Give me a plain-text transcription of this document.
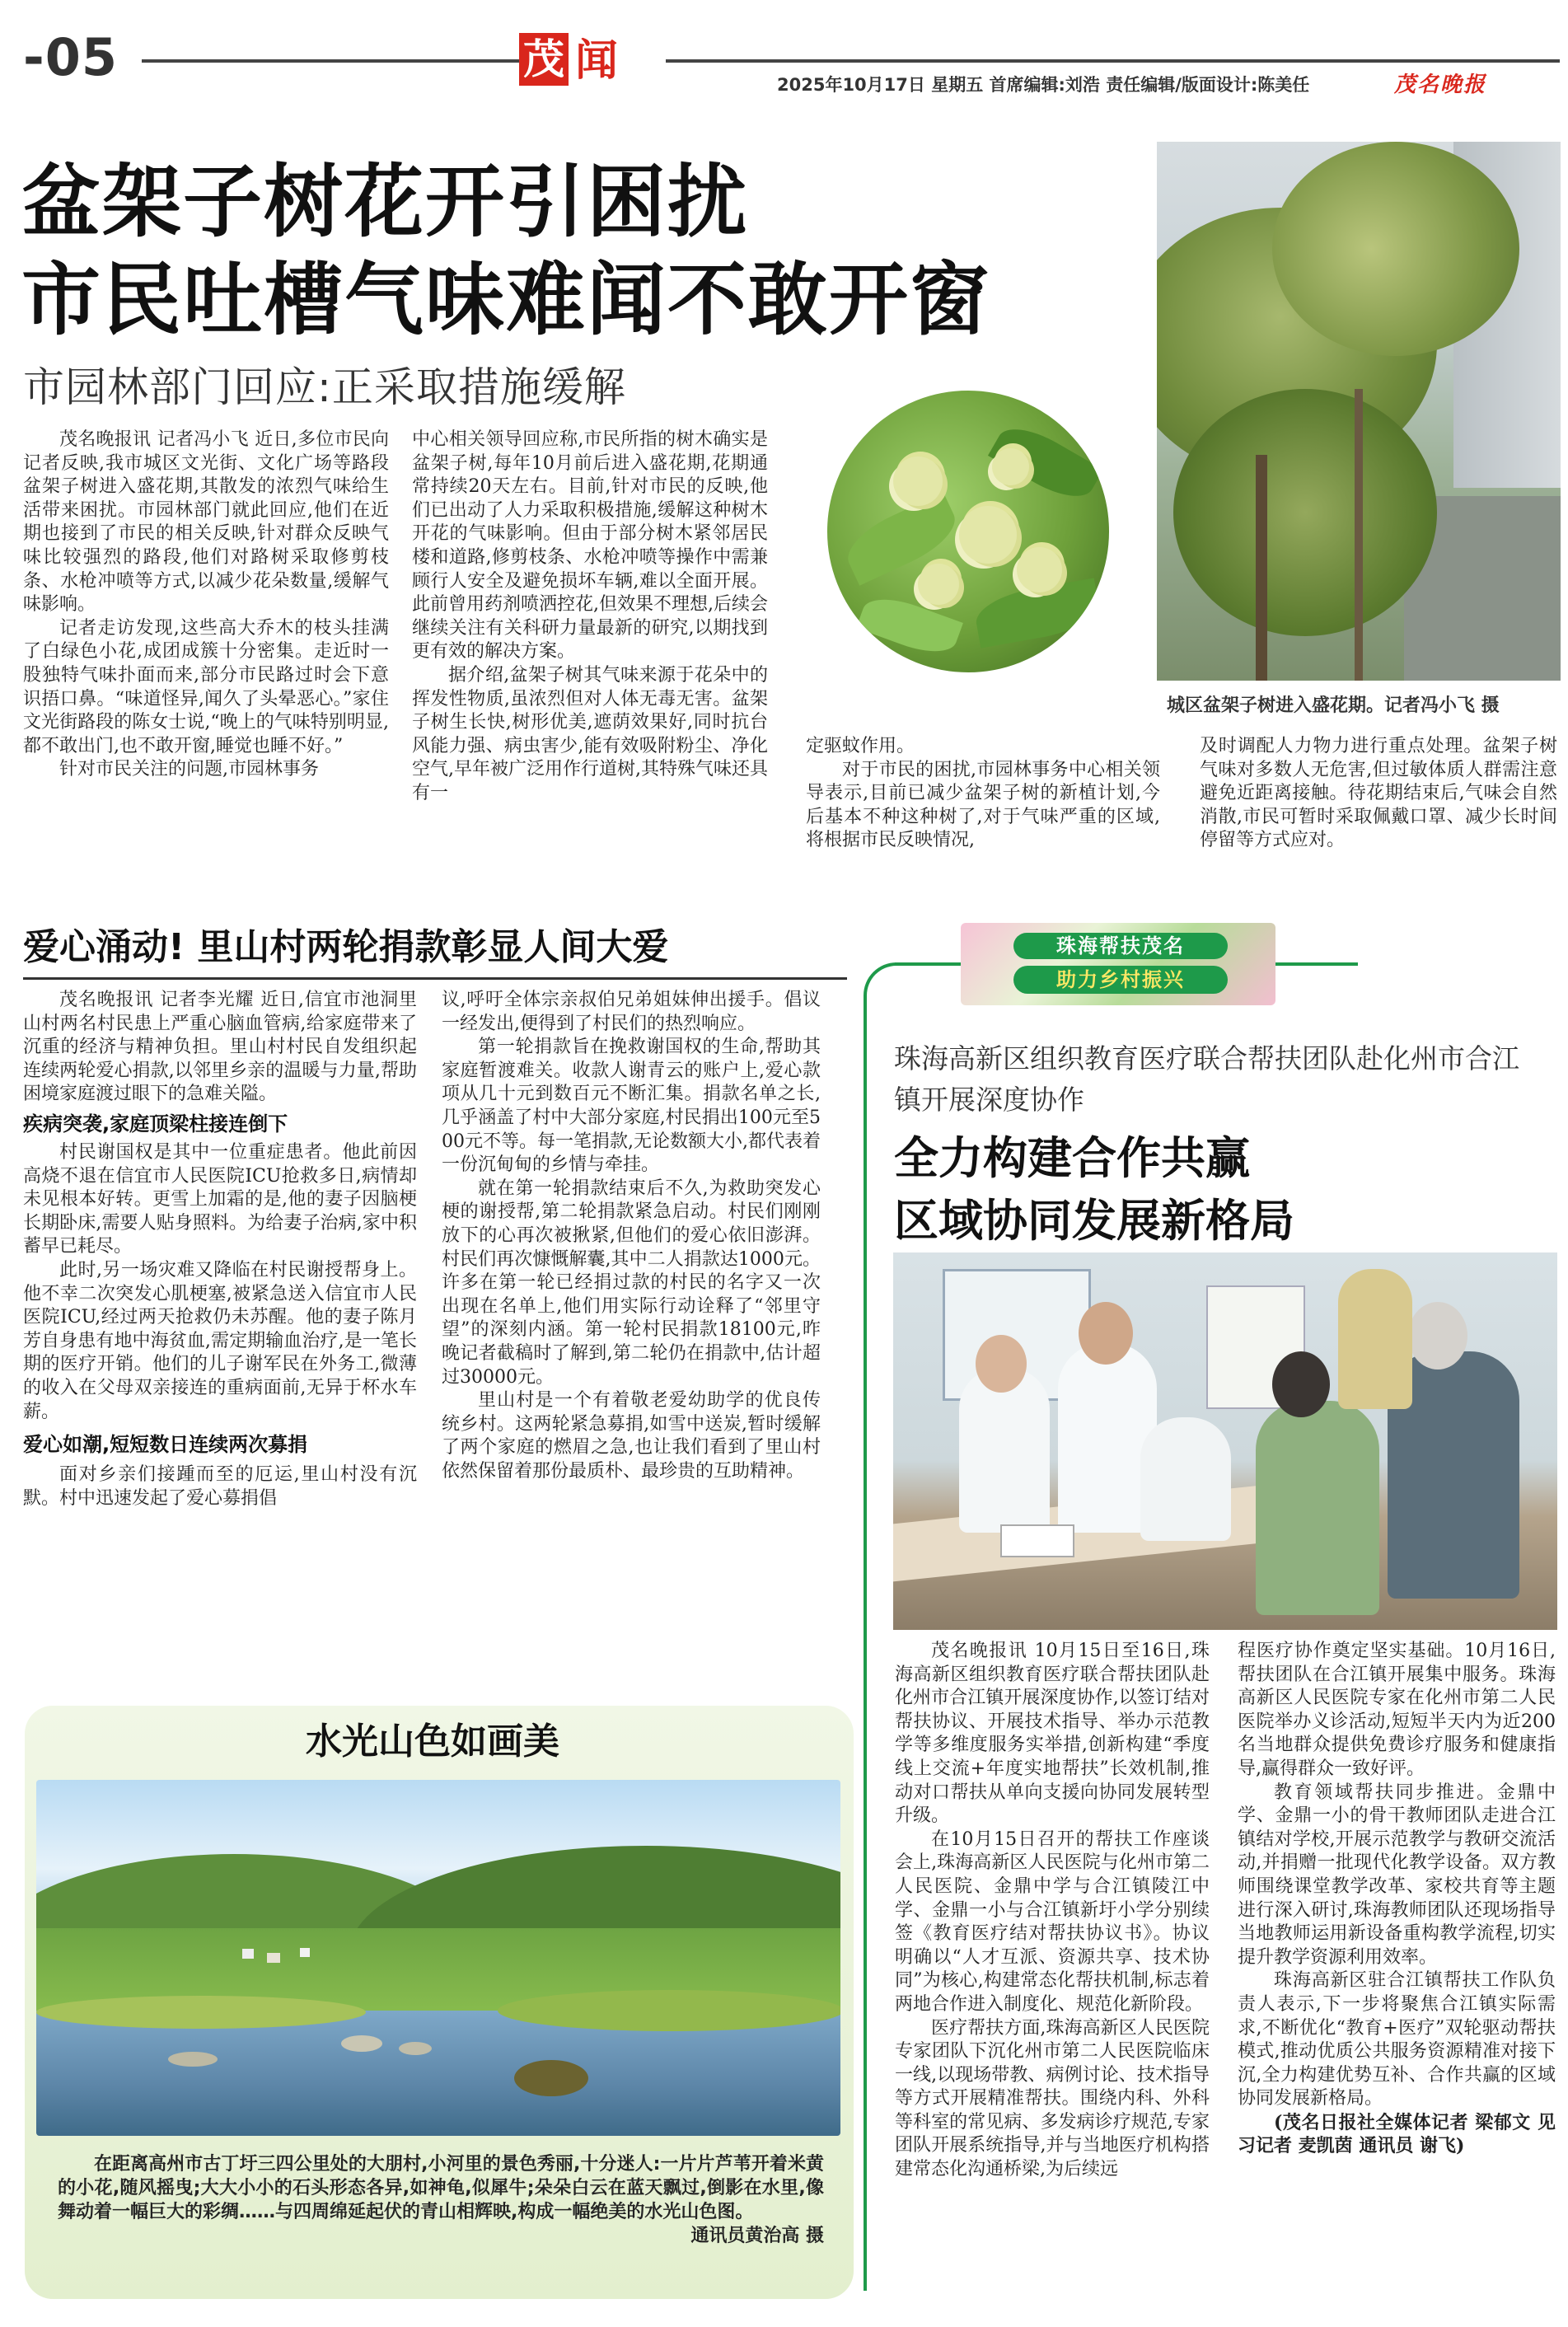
-05	茂 闻	2025年10月17日 星期五 首席编辑:刘浩 责任编辑/版面设计:陈美任	茂名晚报
盆架子树花开引困扰
市民吐槽气味难闻不敢开窗
市园林部门回应:正采取措施缓解

茂名晚报讯 记者冯小飞 近日,多位市民向记者反映,我市城区文光街、文化广场等路段盆架子树进入盛花期,其散发的浓烈气味给生活带来困扰。市园林部门就此回应,他们在近期也接到了市民的相关反映,针对群众反映气味比较强烈的路段,他们对路树采取修剪枝条、水枪冲喷等方式,以减少花朵数量,缓解气味影响。

记者走访发现,这些高大乔木的枝头挂满了白绿色小花,成团成簇十分密集。走近时一股独特气味扑面而来,部分市民路过时会下意识捂口鼻。“味道怪异,闻久了头晕恶心。”家住文光街路段的陈女士说,“晚上的气味特别明显,都不敢出门,也不敢开窗,睡觉也睡不好。”

针对市民关注的问题,市园林事务

中心相关领导回应称,市民所指的树木确实是盆架子树,每年10月前后进入盛花期,花期通常持续20天左右。目前,针对市民的反映,他们已出动了人力采取积极措施,缓解这种树木开花的气味影响。但由于部分树木紧邻居民楼和道路,修剪枝条、水枪冲喷等操作中需兼顾行人安全及避免损坏车辆,难以全面开展。此前曾用药剂喷洒控花,但效果不理想,后续会继续关注有关科研力量最新的研究,以期找到更有效的解决方案。

据介绍,盆架子树其气味来源于花朵中的挥发性物质,虽浓烈但对人体无毒无害。盆架子树生长快,树形优美,遮荫效果好,同时抗台风能力强、病虫害少,能有效吸附粉尘、净化空气,早年被广泛用作行道树,其特殊气味还具有一

定驱蚊作用。

对于市民的困扰,市园林事务中心相关领导表示,目前已减少盆架子树的新植计划,今后基本不种这种树了,对于气味严重的区域,将根据市民反映情况,

及时调配人力物力进行重点处理。盆架子树气味对多数人无危害,但过敏体质人群需注意避免近距离接触。待花期结束后,气味会自然消散,市民可暂时采取佩戴口罩、减少长时间停留等方式应对。

城区盆架子树进入盛花期。记者冯小飞 摄
爱心涌动! 里山村两轮捐款彰显人间大爱

茂名晚报讯 记者李光耀 近日,信宜市池洞里山村两名村民患上严重心脑血管病,给家庭带来了沉重的经济与精神负担。里山村村民自发组织起连续两轮爱心捐款,以邻里乡亲的温暖与力量,帮助困境家庭渡过眼下的急难关隘。

疾病突袭,家庭顶梁柱接连倒下

村民谢国权是其中一位重症患者。他此前因高烧不退在信宜市人民医院ICU抢救多日,病情却未见根本好转。更雪上加霜的是,他的妻子因脑梗长期卧床,需要人贴身照料。为给妻子治病,家中积蓄早已耗尽。

此时,另一场灾难又降临在村民谢授帮身上。他不幸二次突发心肌梗塞,被紧急送入信宜市人民医院ICU,经过两天抢救仍未苏醒。他的妻子陈月芳自身患有地中海贫血,需定期输血治疗,是一笔长期的医疗开销。他们的儿子谢军民在外务工,微薄的收入在父母双亲接连的重病面前,无异于杯水车薪。

爱心如潮,短短数日连续两次募捐

面对乡亲们接踵而至的厄运,里山村没有沉默。村中迅速发起了爱心募捐倡

议,呼吁全体宗亲叔伯兄弟姐妹伸出援手。倡议一经发出,便得到了村民们的热烈响应。

第一轮捐款旨在挽救谢国权的生命,帮助其家庭暂渡难关。收款人谢青云的账户上,爱心款项从几十元到数百元不断汇集。捐款名单之长,几乎涵盖了村中大部分家庭,村民捐出100元至500元不等。每一笔捐款,无论数额大小,都代表着一份沉甸甸的乡情与牵挂。

就在第一轮捐款结束后不久,为救助突发心梗的谢授帮,第二轮捐款紧急启动。村民们刚刚放下的心再次被揪紧,但他们的爱心依旧澎湃。村民们再次慷慨解囊,其中二人捐款达1000元。许多在第一轮已经捐过款的村民的名字又一次出现在名单上,他们用实际行动诠释了“邻里守望”的深刻内涵。第一轮村民捐款18100元,昨晚记者截稿时了解到,第二轮仍在捐款中,估计超过30000元。

里山村是一个有着敬老爱幼助学的优良传统乡村。这两轮紧急募捐,如雪中送炭,暂时缓解了两个家庭的燃眉之急,也让我们看到了里山村依然保留着那份最质朴、最珍贵的互助精神。

水光山色如画美

在距离高州市古丁圩三四公里处的大朋村,小河里的景色秀丽,十分迷人:一片片芦苇开着米黄的小花,随风摇曳;大大小小的石头形态各异,如神龟,似犀牛;朵朵白云在蓝天飘过,倒影在水里,像舞动着一幅巨大的彩绸……与四周绵延起伏的青山相辉映,构成一幅绝美的水光山色图。

通讯员黄治高 摄
珠海帮扶茂名
助力乡村振兴
珠海高新区组织教育医疗联合帮扶团队赴化州市合江镇开展深度协作
全力构建合作共赢
区域协同发展新格局

茂名晚报讯 10月15日至16日,珠海高新区组织教育医疗联合帮扶团队赴化州市合江镇开展深度协作,以签订结对帮扶协议、开展技术指导、举办示范教学等多维度服务实举措,创新构建“季度线上交流+年度实地帮扶”长效机制,推动对口帮扶从单向支援向协同发展转型升级。

在10月15日召开的帮扶工作座谈会上,珠海高新区人民医院与化州市第二人民医院、金鼎中学与合江镇陵江中学、金鼎一小与合江镇新圩小学分别续签《教育医疗结对帮扶协议书》。协议明确以“人才互派、资源共享、技术协同”为核心,构建常态化帮扶机制,标志着两地合作进入制度化、规范化新阶段。

医疗帮扶方面,珠海高新区人民医院专家团队下沉化州市第二人民医院临床一线,以现场带教、病例讨论、技术指导等方式开展精准帮扶。围绕内科、外科等科室的常见病、多发病诊疗规范,专家团队开展系统指导,并与当地医疗机构搭建常态化沟通桥梁,为后续远

程医疗协作奠定坚实基础。10月16日,帮扶团队在合江镇开展集中服务。珠海高新区人民医院专家在化州市第二人民医院举办义诊活动,短短半天内为近200名当地群众提供免费诊疗服务和健康指导,赢得群众一致好评。

教育领域帮扶同步推进。金鼎中学、金鼎一小的骨干教师团队走进合江镇结对学校,开展示范教学与教研交流活动,并捐赠一批现代化教学设备。双方教师围绕课堂教学改革、家校共育等主题进行深入研讨,珠海教师团队还现场指导当地教师运用新设备重构教学流程,切实提升教学资源利用效率。

珠海高新区驻合江镇帮扶工作队负责人表示,下一步将聚焦合江镇实际需求,不断优化“教育+医疗”双轮驱动帮扶模式,推动优质公共服务资源精准对接下沉,全力构建优势互补、合作共赢的区域协同发展新格局。

(茂名日报社全媒体记者 梁郁文 见习记者 麦凯茵 通讯员 谢飞)
